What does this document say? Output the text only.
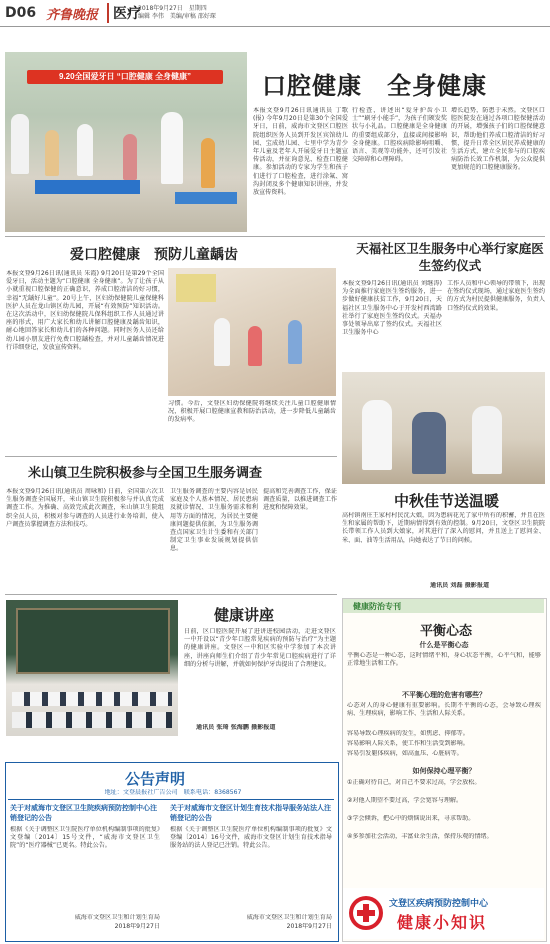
D06 齐鲁晚报	医疗
2018年9月27日　星期四
编辑 李伟　美编/审稿 邵好琛
9.20全国爱牙日 “口腔健康 全身健康”	口腔健康　全身健康
本报文登9月26日讯通讯员 丁歌(报) 今年9月20日是第30个全国爱牙日，日前，威海市文登区口腔医院组织医务人员到开发区宾馆幼儿园、宝成幼儿园、七里中学为青少年儿童及老年人开展爱牙日主题宣传活动，并征询意见、检查口腔健康。参加活动的专家为学生和孩子们进行了口腔检查，进行涂氟、窝沟封闭及多个健康知识讲座，并发放宣传资料。
行检查，讲述出“爱牙护齿小卫士”“刷牙小能手”，为孩子们颁发奖状与小礼品。口腔健康是全身健康的重要组成部分，直接或间接影响全身健康。口腔疾病除影响咀嚼、语言、美观等功能外，还可引发社交障碍和心理障碍。
增长趋势，防患于未然。文登区口腔医院发在通过各项口腔保健活动的开展，增强孩子们的口腔保健意识，帮助他们养成口腔清洁的好习惯，提升日常全区居民养成健康的生活方式，建立全民参与的口腔疾病防治长效工作机制，为公众提供更加规范的口腔健康服务。
爱口腔健康　预防儿童龋齿
本报文登9月26日讯(通讯员 朱霞) 9月20日是第29个全国爱牙日，活动主题为“口腔健康 全身健康”。为了让孩子从小就重视口腔保健的正确意识，养成口腔清洁的好习惯，幸福“无龋好儿童”。20号上午，区妇幼保健院儿童保健科医护人员在龙山镇区幼儿园，开展“有效预防”知识活动。在这次活动中，区妇幼保健院儿保科组织工作人员通过讲座的形式，用广大家长和幼儿讲解口腔健康及龋齿知识，耐心地回答家长和幼儿们的各种问题。同时医务人员还给幼儿园小朋友进行免费口腔龋检查，并对儿童龋齿情况进行详细登记，发放宣传资料。
习惯。今后，文登区妇幼保健院将继续关注儿童口腔健康情况，积极开展口腔健康宣教和防治活动，进一步降低儿童龋齿的发病率。
天福社区卫生服务中心举行家庭医生签约仪式
本报文登9月26日讯(通讯员 刘继涛) 为全面推行家庭医生签约服务，进一步做好健康扶贫工作，9月20日，天福社区卫生服务中心于开发村西湾路社举行了家庭医生签约仪式。天福办事处领导出席了签约仪式。天福社区卫生服务中心
工作人员和中心领导的带领下，出现在签约仪式现场，通过家庭医生签约的方式为村民提供健康服务，负责人口签约仪式的效果。
米山镇卫生院积极参与全国卫生服务调查
本报文登9月26日讯(通讯员 周咏和) 日前，全国第六次卫生服务调查全国展开，米山镇卫生院积极参与并认真完成调查工作。为推确、高效完成此次调查，米山镇卫生院组织全员人员，积极对参与调查的人员进行业务培训，使入户调查员掌握调查方法和技巧。
卫生服务调查的主要内容是居民家庭及个人基本情况、居民患病及就诊情况、卫生服务需求和利用等方面的情况，为居民主要健康问题提供依据，为卫生服务调查点国家卫生计生委和有关部门制定卫生事业发展规划提供信息。
提高和完善调查工作，保证调查质量，以推进调查工作进度和保障效果。	中秋佳节送温暖
高村镇南庄王家村村民沈大娘，因为患病花光了家中所有的积蓄，并且在医生和家属的帮助下，近期病情得到有效的控制。9月20日，文登区卫生院院长带领工作人员到大娘家，对其进行了深入的慰问，并且送上了慰问金、米、面、油等生活用品，向她表达了节日的问候。
通讯员 刘磊 摄影报道
健康讲座
日前，区口腔医院开展了进讲进校园活动，走进文登区一中开设以“青少年口腔常见疾病的预防与治疗”为主题的健康讲座。文登区一中和区实验中学参加了本次讲座，讲座向师生们介绍了青少年常见口腔疾病进行了详细的分析与讲解，并就如何保护牙齿提出了合理建议。
通讯员 张琦 张海鹏 摄影报道
公告声明
地址：文登晨报社广告公司　联系电话：8368567
关于对威海市文登区卫生院疾病预防控制中心注销登记的公告
根据《关于调整区卫生院医疗单位机构编制事项的批复》文登编〔2014〕15号文件，“威海市文登区卫生院”的“医疗器械”已更名。特此公告。
威海市文登区卫生和计划生育局
2018年9月27日
关于对威海市文登区计划生育技术指导服务站法人注销登记的公告
根据《关于调整区卫生院医疗单位机构编制事项的批复》文登编〔2014〕16号文件，威海市文登区计划生育技术指导服务站的法人登记已注销。特此公告。
威海市文登区卫生和计划生育局
2018年9月27日
健康防治专刊
平衡心态
什么是平衡心态
平衡心态是一种心态，这时情绪平和，身心状态平衡，心平气和，能够正常地生活和工作。
不平衡心理的危害有哪些？
心态对人的身心健康有重要影响。长期不平衡的心态，会导致心理疾病、生理疾病，影响工作、生活和人际关系。
容易导致心理疾病的发生，如焦虑、抑郁等。
容易影响人际关系，使工作和生活受到影响。
容易引发躯体疾病，如高血压、心脏病等。
如何保持心理平衡？
①正确对待自己，对自己不要求过高，学会放松。
②对他人期望不要过高，学会宽容与理解。
③学会倾诉，把心中的烦恼说出来，寻求帮助。
④多参加社会活动，丰富业余生活，保持乐观的情绪。
文登区疾病预防控制中心
健康小知识
